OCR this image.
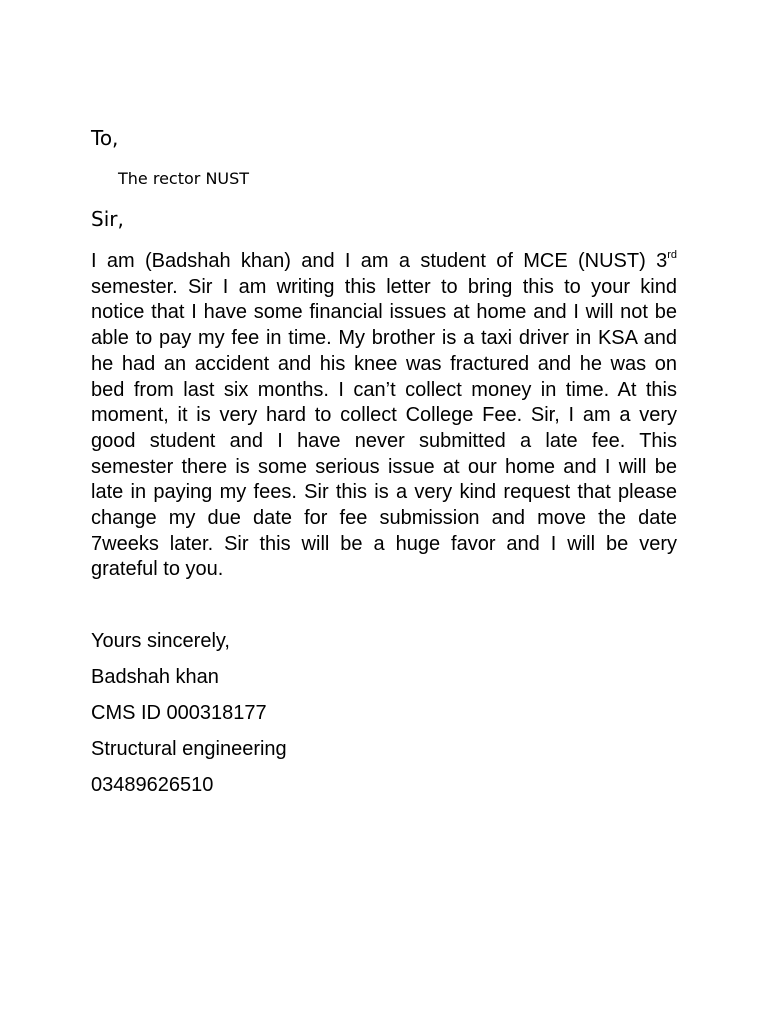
To,
The rector NUST
Sir,

I am (Badshah khan) and I am a student of MCE (NUST) 3rd semester. Sir I am writing this letter to bring this to your kind notice that I have some financial issues at home and I will not be able to pay my fee in time. My brother is a taxi driver in KSA and he had an accident and his knee was fractured and he was on bed from last six months. I can’t collect money in time. At this moment, it is very hard to collect College Fee. Sir, I am a very good student and I have never submitted a late fee. This semester there is some serious issue at our home and I will be late in paying my fees. Sir this is a very kind request that please change my due date for fee submission and move the date 7weeks later. Sir this will be a huge favor and I will be very grateful to you.

Yours sincerely,
Badshah khan
CMS ID 000318177
Structural engineering
03489626510
